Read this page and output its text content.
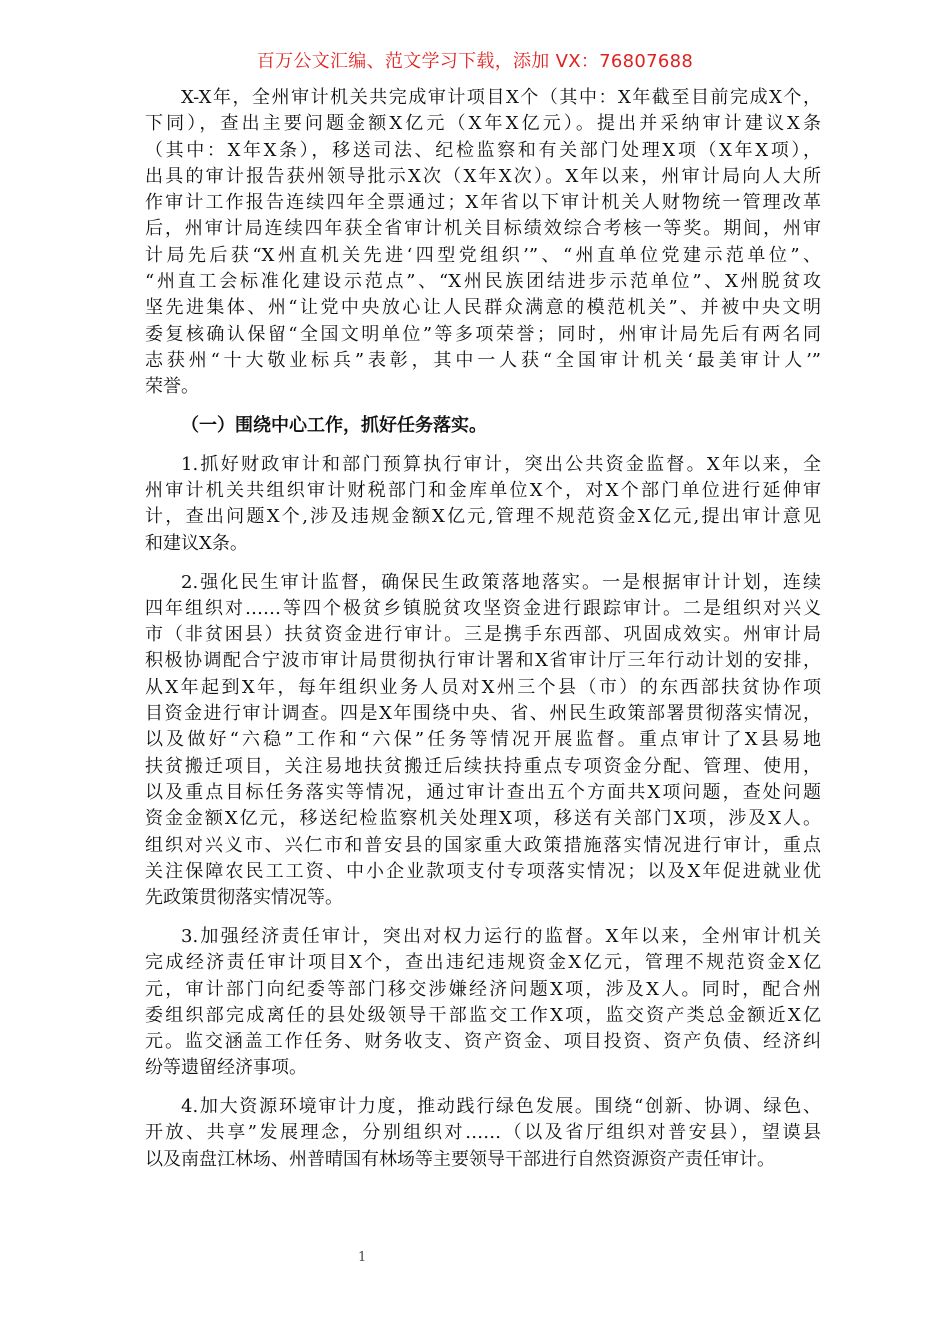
百万公文汇编、范文学习下载，添加 VX：76807688
X-X年，全州审计机关共完成审计项目X个（其中：X年截至目前完成X个，
下同），查出主要问题金额X亿元（X年X亿元）。提出并采纳审计建议X条
（其中：X年X条），移送司法、纪检监察和有关部门处理X项（X年X项），
出具的审计报告获州领导批示X次（X年X次）。X年以来，州审计局向人大所
作审计工作报告连续四年全票通过；X年省以下审计机关人财物统一管理改革
后，州审计局连续四年获全省审计机关目标绩效综合考核一等奖。期间，州审
计局先后获“X州直机关先进‘四型党组织’”、“州直单位党建示范单位”、
“州直工会标准化建设示范点”、“X州民族团结进步示范单位”、X州脱贫攻
坚先进集体、州“让党中央放心让人民群众满意的模范机关”、并被中央文明
委复核确认保留“全国文明单位”等多项荣誉；同时，州审计局先后有两名同
志获州“十大敬业标兵”表彰，其中一人获“全国审计机关‘最美审计人’”
荣誉。
（一）围绕中心工作，抓好任务落实。
1.抓好财政审计和部门预算执行审计，突出公共资金监督。X年以来，全
州审计机关共组织审计财税部门和金库单位X个，对X个部门单位进行延伸审
计，查出问题X个,涉及违规金额X亿元,管理不规范资金X亿元,提出审计意见
和建议X条。
2.强化民生审计监督，确保民生政策落地落实。一是根据审计计划，连续
四年组织对……等四个极贫乡镇脱贫攻坚资金进行跟踪审计。二是组织对兴义
市（非贫困县）扶贫资金进行审计。三是携手东西部、巩固成效实。州审计局
积极协调配合宁波市审计局贯彻执行审计署和X省审计厅三年行动计划的安排，
从X年起到X年，每年组织业务人员对X州三个县（市）的东西部扶贫协作项
目资金进行审计调查。四是X年围绕中央、省、州民生政策部署贯彻落实情况，
以及做好“六稳”工作和“六保”任务等情况开展监督。重点审计了X县易地
扶贫搬迁项目，关注易地扶贫搬迁后续扶持重点专项资金分配、管理、使用，
以及重点目标任务落实等情况，通过审计查出五个方面共X项问题，查处问题
资金金额X亿元，移送纪检监察机关处理X项，移送有关部门X项，涉及X人。
组织对兴义市、兴仁市和普安县的国家重大政策措施落实情况进行审计，重点
关注保障农民工工资、中小企业款项支付专项落实情况；以及X年促进就业优
先政策贯彻落实情况等。
3.加强经济责任审计，突出对权力运行的监督。X年以来，全州审计机关
完成经济责任审计项目X个，查出违纪违规资金X亿元，管理不规范资金X亿
元，审计部门向纪委等部门移交涉嫌经济问题X项，涉及X人。同时，配合州
委组织部完成离任的县处级领导干部监交工作X项，监交资产类总金额近X亿
元。监交涵盖工作任务、财务收支、资产资金、项目投资、资产负债、经济纠
纷等遗留经济事项。
4.加大资源环境审计力度，推动践行绿色发展。围绕“创新、协调、绿色、
开放、共享”发展理念，分别组织对……（以及省厅组织对普安县），望谟县
以及南盘江林场、州普晴国有林场等主要领导干部进行自然资源资产责任审计。
1
